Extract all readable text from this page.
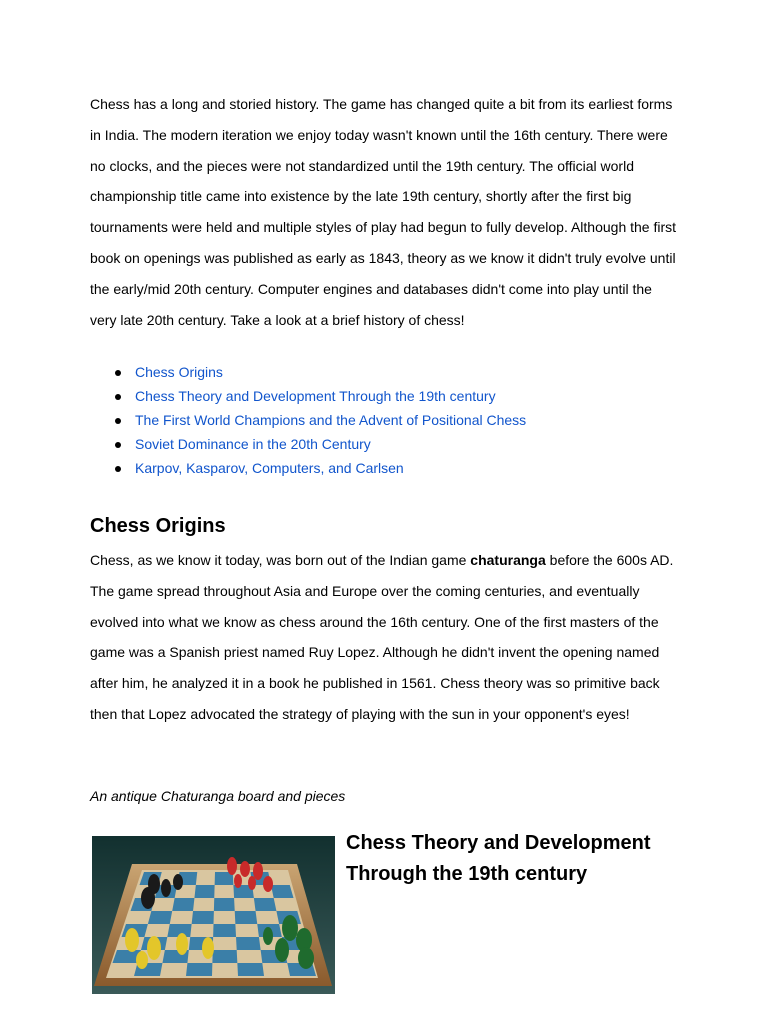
Chess has a long and storied history. The game has changed quite a bit from its earliest forms in India. The modern iteration we enjoy today wasn't known until the 16th century. There were no clocks, and the pieces were not standardized until the 19th century. The official world championship title came into existence by the late 19th century, shortly after the first big tournaments were held and multiple styles of play had begun to fully develop. Although the first book on openings was published as early as 1843, theory as we know it didn't truly evolve until the early/mid 20th century. Computer engines and databases didn't come into play until the very late 20th century. Take a look at a brief history of chess!

Chess Origins
Chess Theory and Development Through the 19th century
The First World Champions and the Advent of Positional Chess
Soviet Dominance in the 20th Century
Karpov, Kasparov, Computers, and Carlsen
Chess Origins

Chess, as we know it today, was born out of the Indian game chaturanga before the 600s AD. The game spread throughout Asia and Europe over the coming centuries, and eventually evolved into what we know as chess around the 16th century. One of the first masters of the game was a Spanish priest named Ruy Lopez. Although he didn't invent the opening named after him, he analyzed it in a book he published in 1561. Chess theory was so primitive back then that Lopez advocated the strategy of playing with the sun in your opponent's eyes!

An antique Chaturanga board and pieces

Chess Theory and Development
Through the 19th century
